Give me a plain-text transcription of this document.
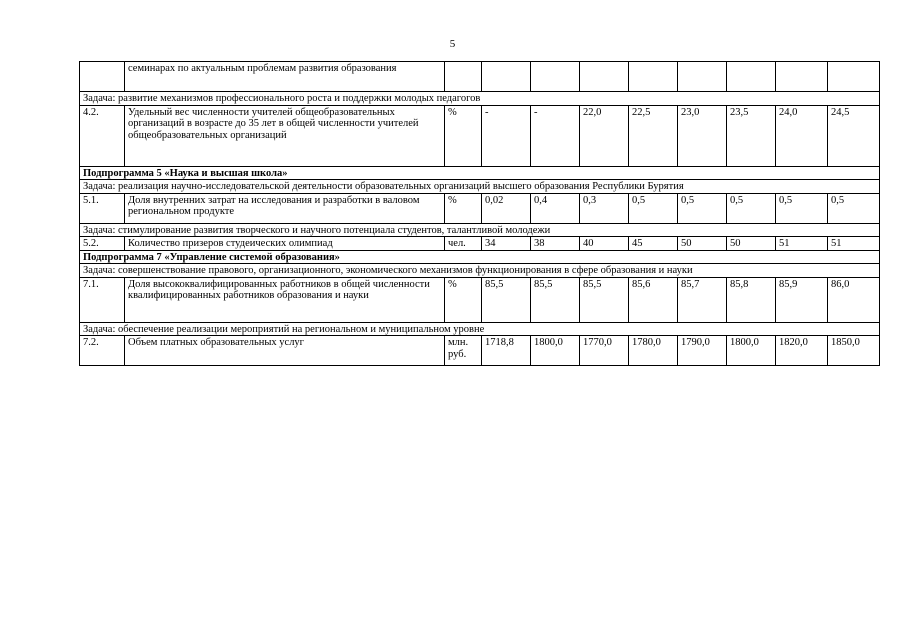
5
	семинарах по актуальным проблемам развития образования									
Задача: развитие механизмов профессионального роста и поддержки молодых педагогов										
4.2.	Удельный вес численности учителей общеобразовательных организаций в возрасте до 35 лет в общей численности учителей общеобразовательных организаций	%	-	-	22,0	22,5	23,0	23,5	24,0	24,5
Подпрограмма 5 «Наука и высшая школа»										
Задача: реализация научно-исследовательской деятельности образовательных организаций высшего образования Республики Бурятия										
5.1.	Доля внутренних затрат на исследования и разработки в валовом региональном продукте	%	0,02	0,4	0,3	0,5	0,5	0,5	0,5	0,5
Задача: стимулирование развития творческого и научного потенциала студентов, талантливой молодежи										
5.2.	Количество призеров студеических олимпиад	чел.	34	38	40	45	50	50	51	51
Подпрограмма 7 «Управление системой образования»										
Задача: совершенствование правового, организационного, экономического механизмов функционирования в сфере образования и науки										
7.1.	Доля высококвалифицированных работников в общей численности квалифицированных работников образования и науки	%	85,5	85,5	85,5	85,6	85,7	85,8	85,9	86,0
Задача: обеспечение реализации мероприятий на региональном и муниципальном уровне										
7.2.	Объем платных образовательных услуг	млн. руб.	1718,8	1800,0	1770,0	1780,0	1790,0	1800,0	1820,0	1850,0
